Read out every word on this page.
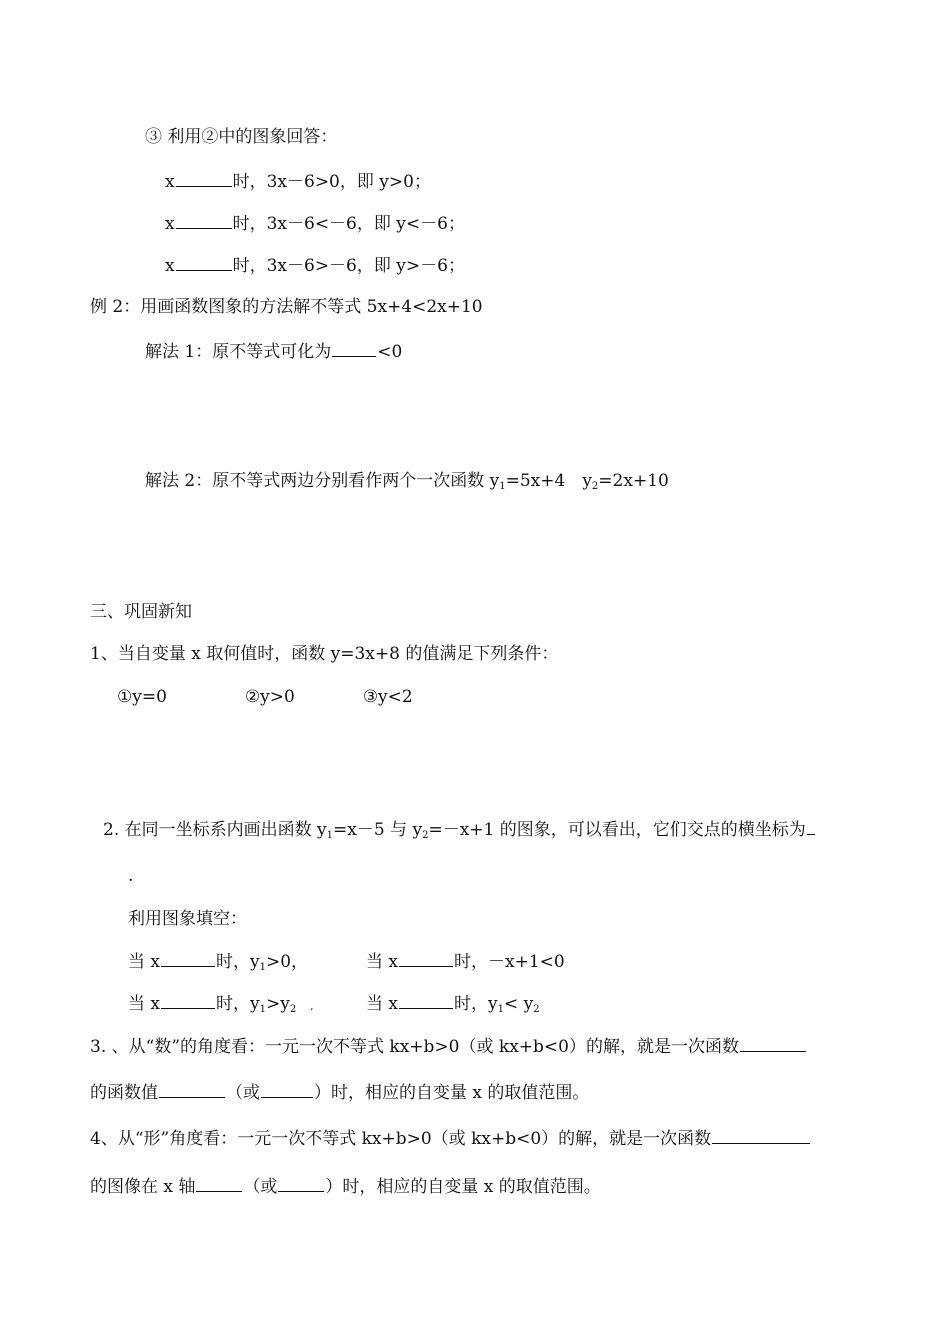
③ 利用②中的图象回答：
x	时，3x－6>0，即 y>0；
x	时，3x－6<－6，即 y<－6；
x	时，3x－6>－6，即 y>－6；
例 2：用画函数图象的方法解不等式 5x+4<2x+10
解法 1：原不等式可化为	<0
解法 2：原不等式两边分别看作两个一次函数 $y_1=5x+4$　$y_2=2x+10$
三、巩固新知
1、当自变量 x 取何值时，函数 y=3x+8 的值满足下列条件：
①y=0	②y>0	③y<2
2. 在同一坐标系内画出函数 $y_1=x-5$ 与 $y_2=-x+1$ 的图象，可以看出，它们交点的横坐标为
.
利用图象填空：
当 x	时，$y_1>0$，	当 x	时，－x+1<0
当 x	时，$y_1>y_2$ ,	当 x	时，$y_1< y_2$
3. 、从“数”的角度看：一元一次不等式 kx+b>0（或 kx+b<0）的解，就是一次函数
的函数值	（或	）时，相应的自变量 x 的取值范围。
4、从“形”角度看：一元一次不等式 kx+b>0（或 kx+b<0）的解，就是一次函数
的图像在 x 轴	（或	）时，相应的自变量 x 的取值范围。
